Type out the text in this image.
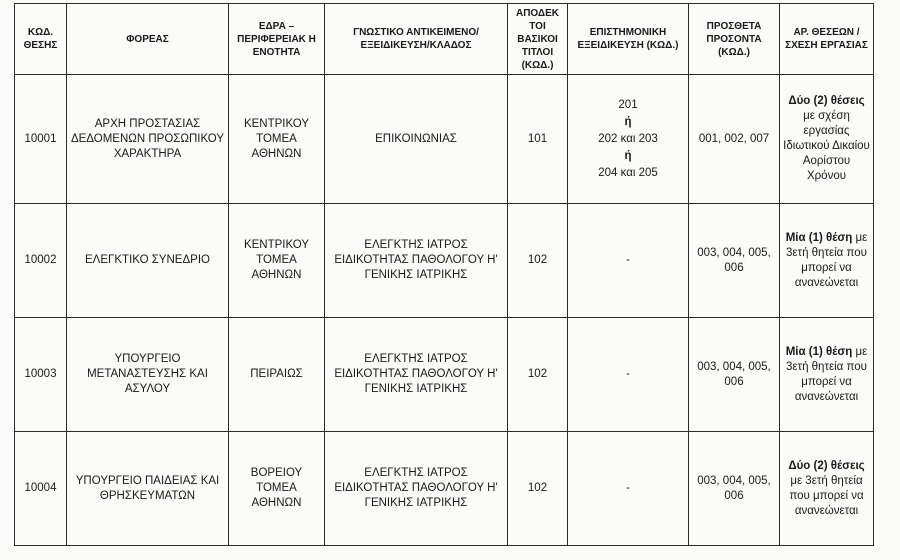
ΚΩΔ. ΘΕΣΗΣ	ΦΟΡΕΑΣ	ΕΔΡΑ – ΠΕΡΙΦΕΡΕΙΑΚ Η ΕΝΟΤΗΤΑ	ΓΝΩΣΤΙΚΟ ΑΝΤΙΚΕΙΜΕΝΟ/ ΕΞΕΙΔΙΚΕΥΣΗ/ΚΛΑΔΟΣ	ΑΠΟΔΕΚ ΤΟΙ ΒΑΣΙΚΟΙ ΤΙΤΛΟΙ (ΚΩΔ.)	ΕΠΙΣΤΗΜΟΝΙΚΗ ΕΞΕΙΔΙΚΕΥΣΗ (ΚΩΔ.)	ΠΡΟΣΘΕΤΑ ΠΡΟΣΟΝΤΑ (ΚΩΔ.)	ΑΡ. ΘΕΣΕΩΝ / ΣΧΕΣΗ ΕΡΓΑΣΙΑΣ
10001	ΑΡΧΗ ΠΡΟΣΤΑΣΙΑΣ ΔΕΔΟΜΕΝΩΝ ΠΡΟΣΩΠΙΚΟΥ ΧΑΡΑΚΤΗΡΑ	ΚΕΝΤΡΙΚΟΥ ΤΟΜΕΑ ΑΘΗΝΩΝ	ΕΠΙΚΟΙΝΩΝΙΑΣ	101	201
ή
202 και 203
ή
204 και 205	001, 002, 007	Δύο (2) θέσεις με σχέση εργασίας Ιδιωτικού Δικαίου Αορίστου Χρόνου
10002	ΕΛΕΓΚΤΙΚΟ ΣΥΝΕΔΡΙΟ	ΚΕΝΤΡΙΚΟΥ ΤΟΜΕΑ ΑΘΗΝΩΝ	ΕΛΕΓΚΤΗΣ ΙΑΤΡΟΣ ΕΙΔΙΚΟΤΗΤΑΣ ΠΑΘΟΛΟΓΟΥ Η' ΓΕΝΙΚΗΣ ΙΑΤΡΙΚΗΣ	102	-	003, 004, 005, 006	Μία (1) θέση με 3ετή θητεία που μπορεί να ανανεώνεται
10003	ΥΠΟΥΡΓΕΙΟ ΜΕΤΑΝΑΣΤΕΥΣΗΣ ΚΑΙ ΑΣΥΛΟΥ	ΠΕΙΡΑΙΩΣ	ΕΛΕΓΚΤΗΣ ΙΑΤΡΟΣ ΕΙΔΙΚΟΤΗΤΑΣ ΠΑΘΟΛΟΓΟΥ Η' ΓΕΝΙΚΗΣ ΙΑΤΡΙΚΗΣ	102	-	003, 004, 005, 006	Μία (1) θέση με 3ετή θητεία που μπορεί να ανανεώνεται
10004	ΥΠΟΥΡΓΕΙΟ ΠΑΙΔΕΙΑΣ ΚΑΙ ΘΡΗΣΚΕΥΜΑΤΩΝ	ΒΟΡΕΙΟΥ ΤΟΜΕΑ ΑΘΗΝΩΝ	ΕΛΕΓΚΤΗΣ ΙΑΤΡΟΣ ΕΙΔΙΚΟΤΗΤΑΣ ΠΑΘΟΛΟΓΟΥ Η' ΓΕΝΙΚΗΣ ΙΑΤΡΙΚΗΣ	102	-	003, 004, 005, 006	Δύο (2) θέσεις με 3ετή θητεία που μπορεί να ανανεώνεται
